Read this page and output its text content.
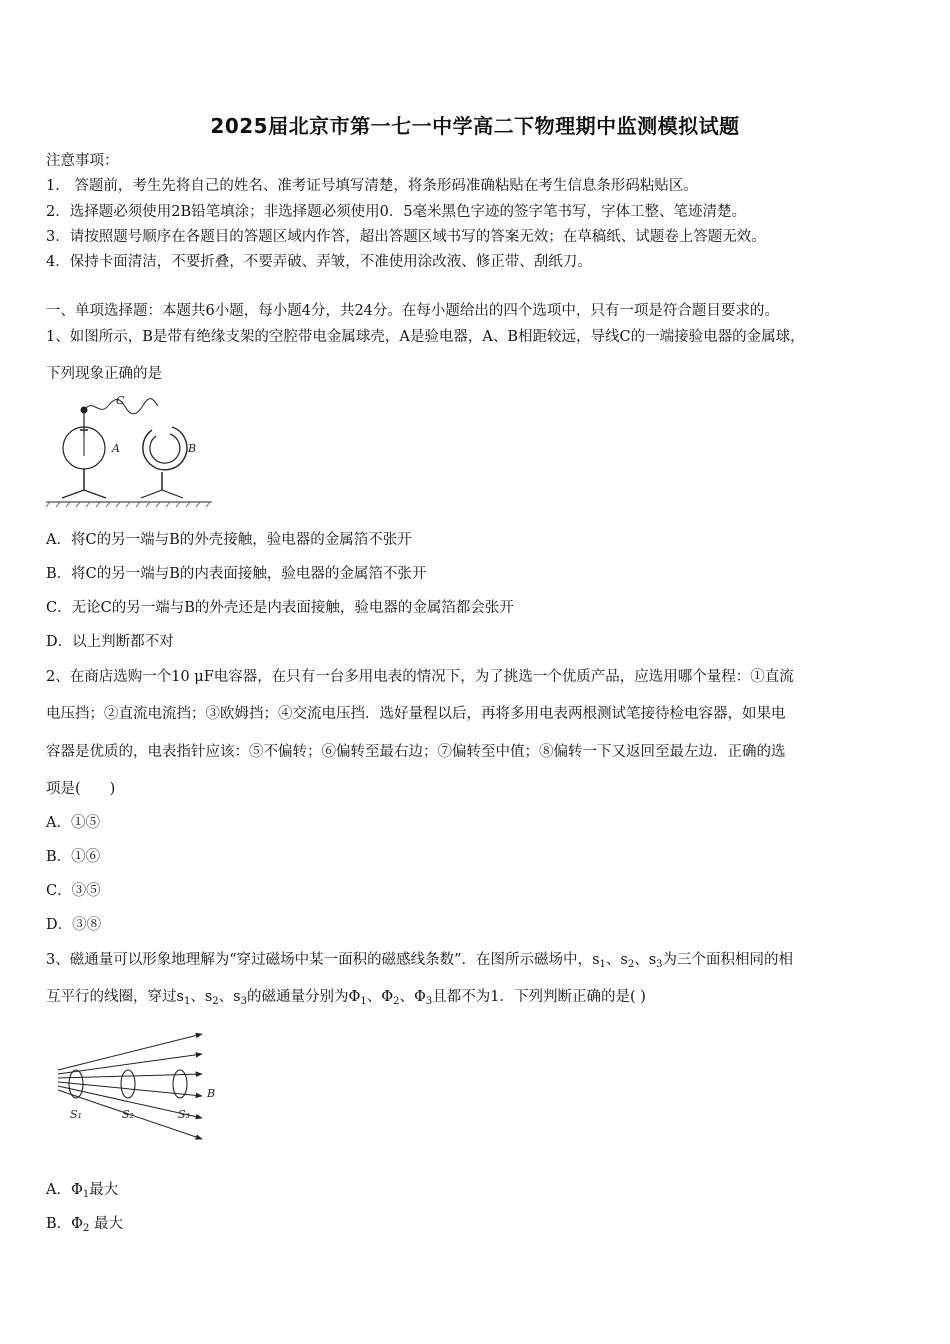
2025届北京市第一七一中学高二下物理期中监测模拟试题
注意事项：
1.　答题前，考生先将自己的姓名、准考证号填写清楚，将条形码准确粘贴在考生信息条形码粘贴区。
2．选择题必须使用2B铅笔填涂；非选择题必须使用0．5毫米黑色字迹的签字笔书写，字体工整、笔迹清楚。
3．请按照题号顺序在各题目的答题区域内作答，超出答题区域书写的答案无效；在草稿纸、试题卷上答题无效。
4．保持卡面清洁，不要折叠，不要弄破、弄皱，不准使用涂改液、修正带、刮纸刀。
一、单项选择题：本题共6小题，每小题4分，共24分。在每小题给出的四个选项中，只有一项是符合题目要求的。
1、如图所示，B是带有绝缘支架的空腔带电金属球壳，A是验电器，A、B相距较远，导线C的一端接验电器的金属球，
下列现象正确的是
C
A	B
A．将C的另一端与B的外壳接触，验电器的金属箔不张开
B．将C的另一端与B的内表面接触，验电器的金属箔不张开
C．无论C的另一端与B的外壳还是内表面接触，验电器的金属箔都会张开
D．以上判断都不对
2、在商店选购一个10 μF电容器，在只有一台多用电表的情况下，为了挑选一个优质产品，应选用哪个量程：①直流
电压挡；②直流电流挡；③欧姆挡；④交流电压挡．选好量程以后，再将多用电表两根测试笔接待检电容器，如果电
容器是优质的，电表指针应该：⑤不偏转；⑥偏转至最右边；⑦偏转至中值；⑧偏转一下又返回至最左边．正确的选
项是(　　)
A．①⑤
B．①⑥
C．③⑤
D．③⑧
3、磁通量可以形象地理解为“穿过磁场中某一面积的磁感线条数”．在图所示磁场中，$s_1$、$s_2$、$s_3$为三个面积相同的相
互平行的线圈，穿过$s_1$、$s_2$、$s_3$的磁通量分别为$\Phi_1$、$\Phi_2$、$\Phi_3$且都不为1．下列判断正确的是( )
B
S₁	S₂	S₃
A．$\Phi_1$最大
B．$\Phi_2$ 最大
